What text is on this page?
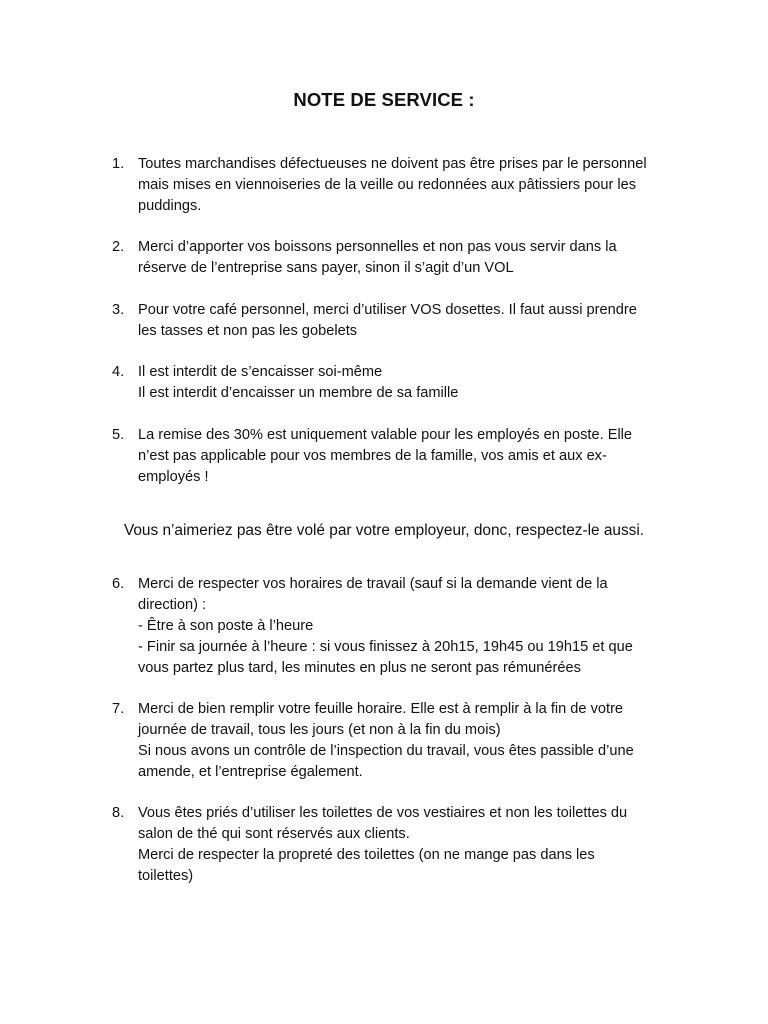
NOTE DE SERVICE :
1. Toutes marchandises défectueuses ne doivent pas être prises par le personnel
mais mises en viennoiseries de la veille ou redonnées aux pâtissiers pour les
puddings.
2. Merci d’apporter vos boissons personnelles et non pas vous servir dans la
réserve de l’entreprise sans payer, sinon il s’agit d’un VOL
3. Pour votre café personnel, merci d’utiliser VOS dosettes. Il faut aussi prendre
les tasses et non pas les gobelets
4. Il est interdit de s’encaisser soi-même
Il est interdit d’encaisser un membre de sa famille
5. La remise des 30% est uniquement valable pour les employés en poste. Elle
n’est pas applicable pour vos membres de la famille, vos amis et aux ex-
employés !
Vous n’aimeriez pas être volé par votre employeur, donc, respectez-le aussi.
6. Merci de respecter vos horaires de travail (sauf si la demande vient de la
direction) :
- Être à son poste à l’heure
- Finir sa journée à l’heure : si vous finissez à 20h15, 19h45 ou 19h15 et que
vous partez plus tard, les minutes en plus ne seront pas rémunérées
7. Merci de bien remplir votre feuille horaire. Elle est à remplir à la fin de votre
journée de travail, tous les jours (et non à la fin du mois)
Si nous avons un contrôle de l’inspection du travail, vous êtes passible d’une
amende, et l’entreprise également.
8. Vous êtes priés d’utiliser les toilettes de vos vestiaires et non les toilettes du
salon de thé qui sont réservés aux clients.
Merci de respecter la propreté des toilettes (on ne mange pas dans les
toilettes)
